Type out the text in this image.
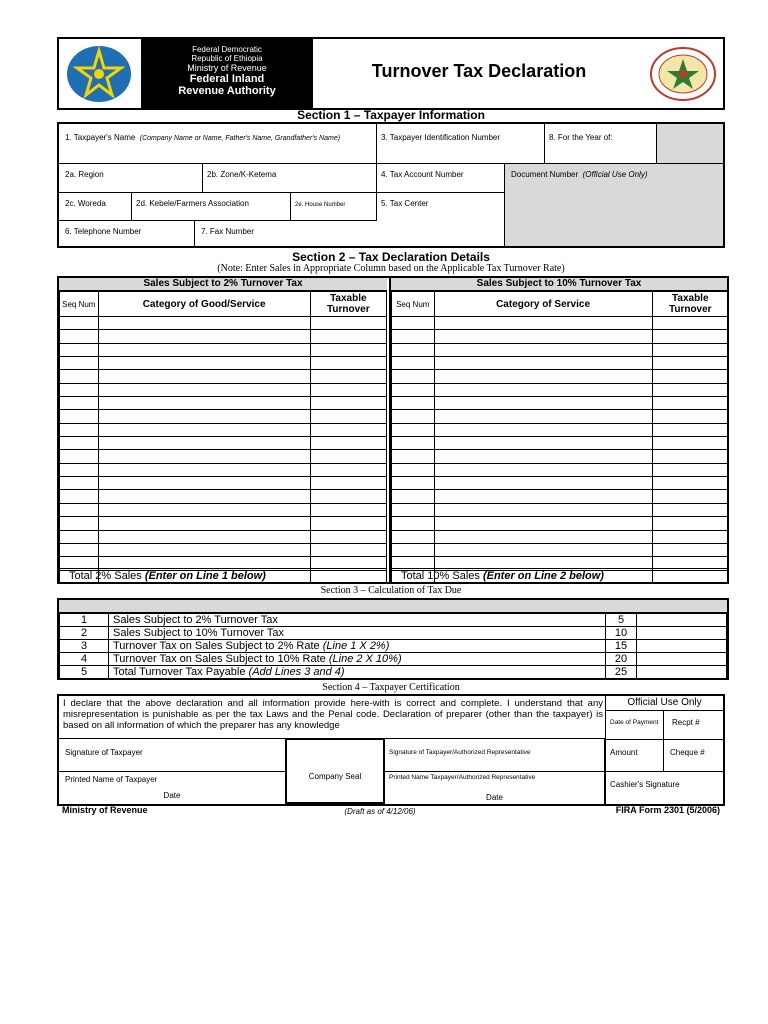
Federal Democratic
Republic of Ethiopia
Ministry of Revenue
Federal Inland
Revenue Authority
Turnover Tax Declaration
Section 1 – Taxpayer Information
1. Taxpayer's Name (Company Name or Name, Father's Name, Grandfather's Name)	3. Taxpayer Identification Number	8. For the Year of:
2a. Region	2b. Zone/K-Ketema	4. Tax Account Number	Document Number (Official Use Only)
2c. Woreda	2d. Kebele/Farmers Association	2e. House Number	5. Tax Center
6. Telephone Number	7. Fax Number
Section 2 – Tax Declaration Details
(Note: Enter Sales in Appropriate Column based on the Applicable Tax Turnover Rate)
Sales Subject to 2% Turnover Tax
Seq Num	Category of Good/Service	Taxable Turnover

Total 2% Sales (Enter on Line 1 below)
Sales Subject to 10% Turnover Tax
Seq Num	Category of Service	Taxable Turnover

Total 10% Sales (Enter on Line 2 below)
Section 3 – Calculation of Tax Due
1	Sales Subject to 2% Turnover Tax	5	
2	Sales Subject to 10% Turnover Tax	10	
3	Turnover Tax on Sales Subject to 2% Rate (Line 1 X 2%)	15	
4	Turnover Tax on Sales Subject to 10% Rate (Line 2 X 10%)	20	
5	Total Turnover Tax Payable (Add Lines 3 and 4)	25	
Section 4 – Taxpayer Certification
I declare that the above declaration and all information provide here-with is correct and complete. I understand that any misrepresentation is punishable as per the tax Laws and the Penal code. Declaration of preparer (other than the taxpayer) is based on all information of which the preparer has any knowledge
Signature of Taxpayer
Printed Name of Taxpayer
Date
Company Seal
Signature of Taxpayer/Authorized Representative
Printed Name Taxpayer/Authorized Representative
Date
Official Use Only
Date of Payment	Recpt #
Amount	Cheque #
Cashier's Signature
Ministry of Revenue	(Draft as of 4/12/06)	FIRA Form 2301 (5/2006)
